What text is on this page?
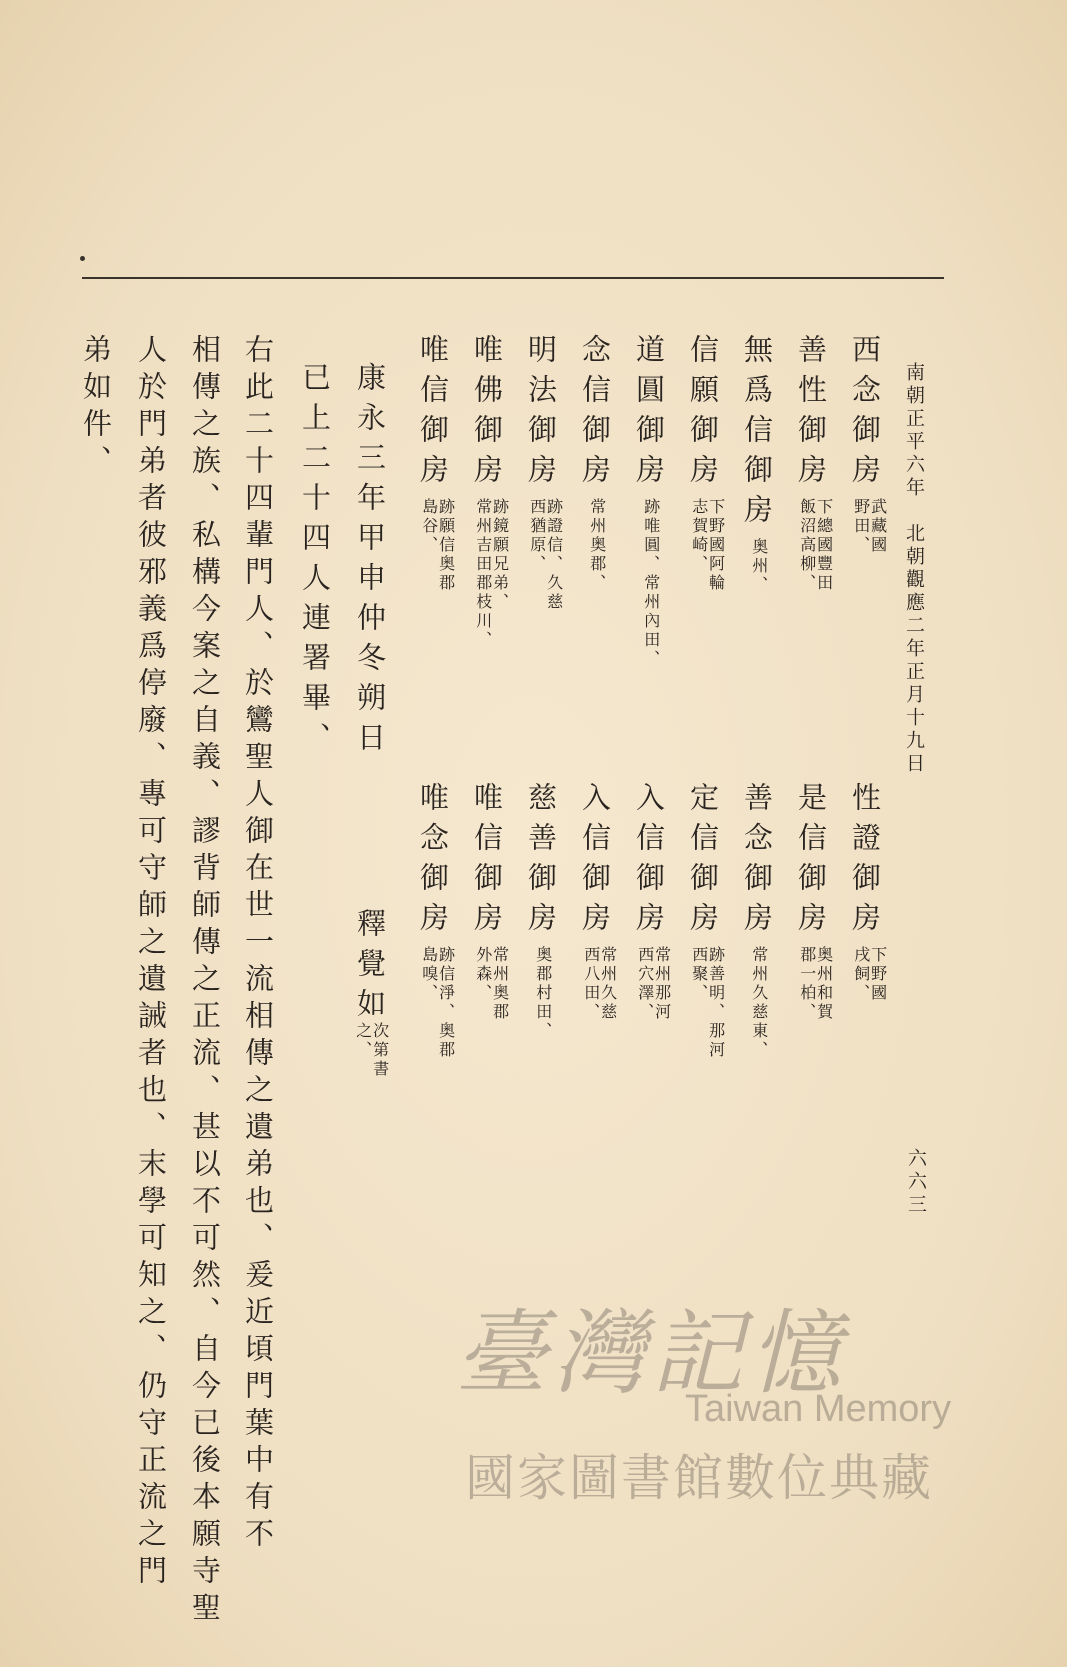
南朝正平六年　北朝觀應二年正月十九日
六六三
西念御房
武藏國
野田、
善性御房
下總國豐田
飯沼高柳、
無爲信御房
奥州、
信願御房
下野國阿輪
志賀崎、
道圓御房
跡唯圓、常州內田、
念信御房
常州奥郡、
明法御房
跡證信、久慈
西猶原、
唯佛御房
跡鏡願兄弟、
常州吉田郡枝川、
唯信御房
跡願信奥郡
島谷、
性證御房
下野國
戌飼、
是信御房
奥州和賀
郡一柏、
善念御房
常州久慈東、
定信御房
跡善明、那河
西聚、
入信御房
常州那河
西穴澤、
入信御房
常州久慈
西八田、
慈善御房
奥郡村田、
唯信御房
常州奥郡
外森、
唯念御房
跡信淨、奥郡
島嗅、
康永三年甲申仲冬朔日
釋覺如
次第書
之、
已上二十四人連署畢、
右此二十四輩門人、於鸞聖人御在世一流相傳之遺弟也、爰近頃門葉中有不
相傳之族、私構今案之自義、謬背師傳之正流、甚以不可然、自今已後本願寺聖
人於門弟者彼邪義爲停廢、專可守師之遺誡者也、末學可知之、仍守正流之門
弟如件、
臺灣記憶
Taiwan Memory
國家圖書館數位典藏
